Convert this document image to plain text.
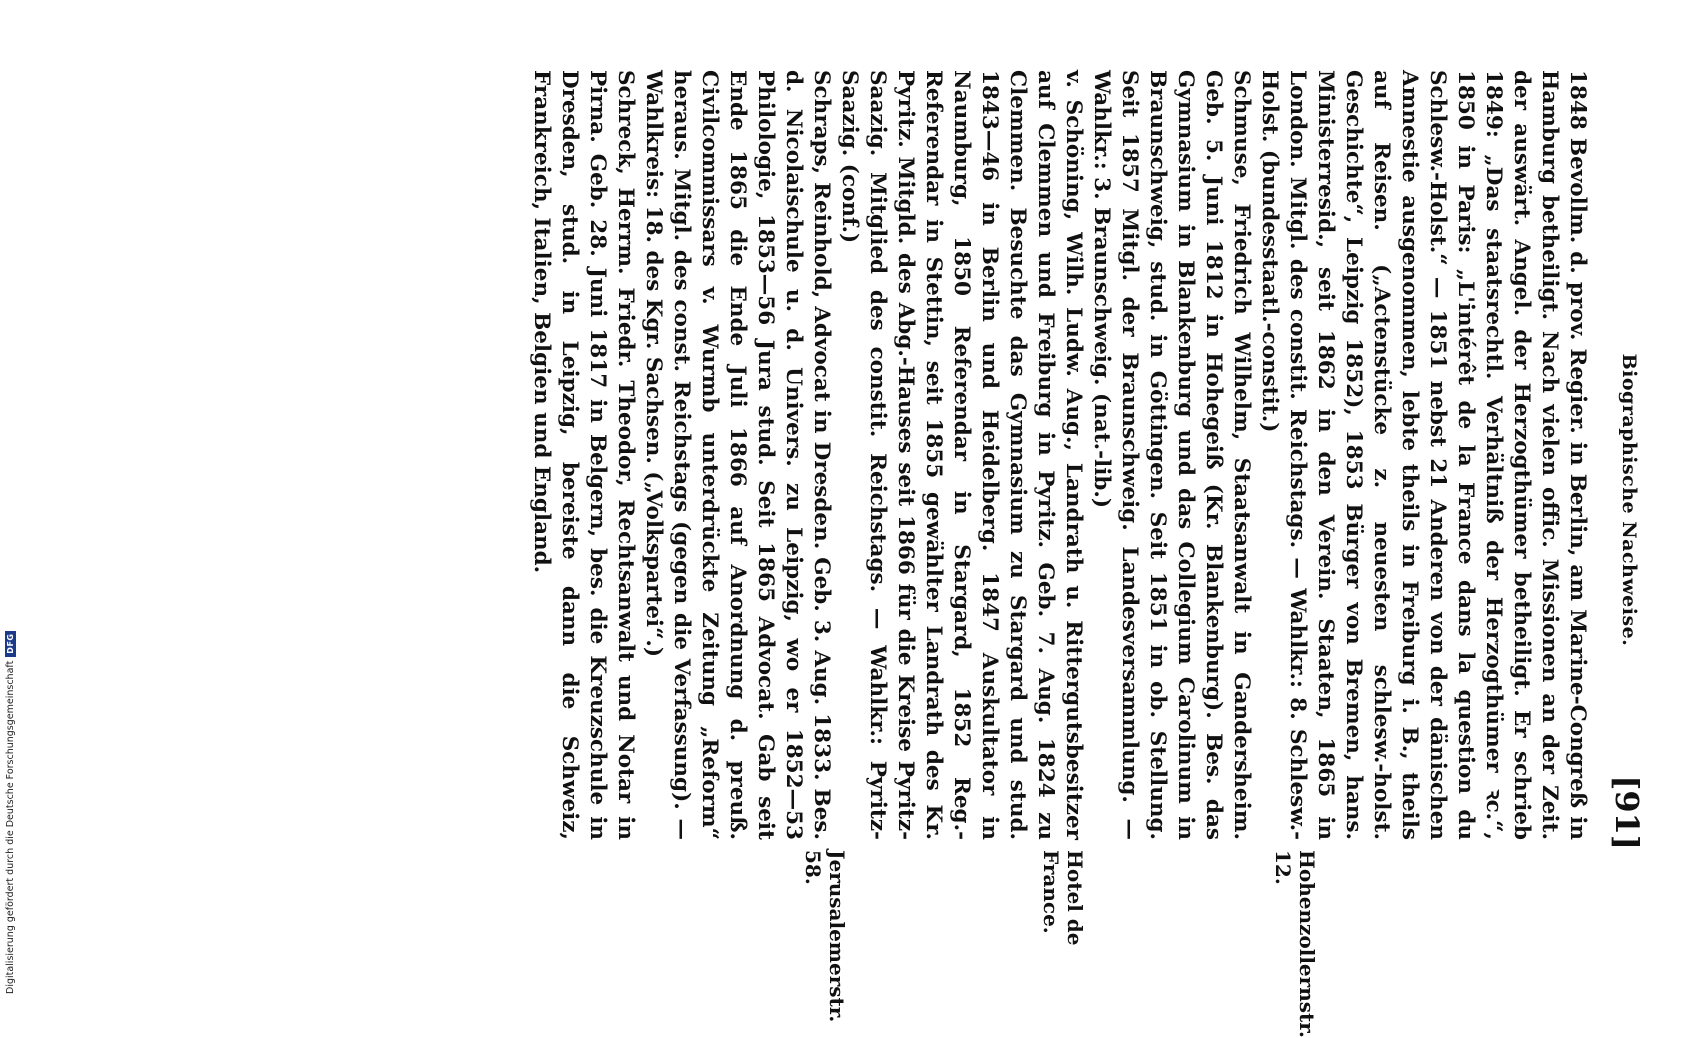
Biographische Nachweise.
[91]

1848 Bevollm. d. prov. Regier. in Berlin, am Marine-Congreß in Hamburg betheiligt. Nach vielen offic. Missionen an der Zeit. der auswärt. Angel. der Herzogthümer betheiligt. Er schrieb 1849: „Das staatsrechtl. Verhältniß der Herzogthümer ꝛc.“, 1850 in Paris: „L'intérêt de la France dans la question du Schlesw.-Holst.“ — 1851 nebst 21 Anderen von der dänischen Amnestie ausgenommen, lebte theils in Freiburg i. B., theils auf Reisen. („Actenstücke z. neuesten schlesw.-holst. Geschichte“, Leipzig 1852), 1853 Bürger von Bremen, hans. Ministerresid., seit 1862 in den Verein. Staaten, 1865 in London. Mitgl. des constit. Reichstags. — Wahlkr.: 8. Schlesw.-Holst. (bundesstaatl.-constit.)

Schmuse, Friedrich Wilhelm, Staatsanwalt in Gandersheim. Geb. 5. Juni 1812 in Hohegeiß (Kr. Blankenburg). Bes. das Gymnasium in Blankenburg und das Collegium Carolinum in Braunschweig, stud. in Göttingen. Seit 1851 in ob. Stellung. Seit 1857 Mitgl. der Braunschweig. Landesversammlung. — Wahlkr.: 3. Braunschweig. (nat.-lib.)

v. Schöning, Wilh. Ludw. Aug., Landrath u. Rittergutsbesitzer auf Clemmen und Freiburg in Pyritz. Geb. 7. Aug. 1824 zu Clemmen. Besuchte das Gymnasium zu Stargard und stud. 1843—46 in Berlin und Heidelberg. 1847 Auskultator in Naumburg, 1850 Referendar in Stargard, 1852 Reg.-Referendar in Stettin, seit 1855 gewählter Landrath des Kr. Pyritz. Mitgld. des Abg.-Hauses seit 1866 für die Kreise Pyritz-Saazig. Mitglied des constit. Reichstags. — Wahlkr.: Pyritz-Saazig. (conf.)

Schraps, Reinhold, Advocat in Dresden. Geb. 3. Aug. 1833. Bes. d. Nicolaischule u. d. Univers. zu Leipzig, wo er 1852—53 Philologie, 1853—56 Jura stud. Seit 1865 Advocat. Gab seit Ende 1865 die Ende Juli 1866 auf Anordnung d. preuß. Civilcommissars v. Wurmb unterdrückte Zeitung „Reform“ heraus. Mitgl. des const. Reichstags (gegen die Verfassung). — Wahlkreis: 18. des Kgr. Sachsen. („Volkspartei“.)

Schreck, Herrm. Friedr. Theodor, Rechtsanwalt und Notar in Pirna. Geb. 28. Juni 1817 in Belgern, bes. die Kreuzschule in Dresden, stud. in Leipzig, bereiste dann die Schweiz, Frankreich, Italien, Belgien und England.

Hohenzollernstr. 12.
Hotel de France.
Jerusalemerstr. 58.
Digitalisierung gefördert durch die Deutsche Forschungsgemeinschaft
DFG
